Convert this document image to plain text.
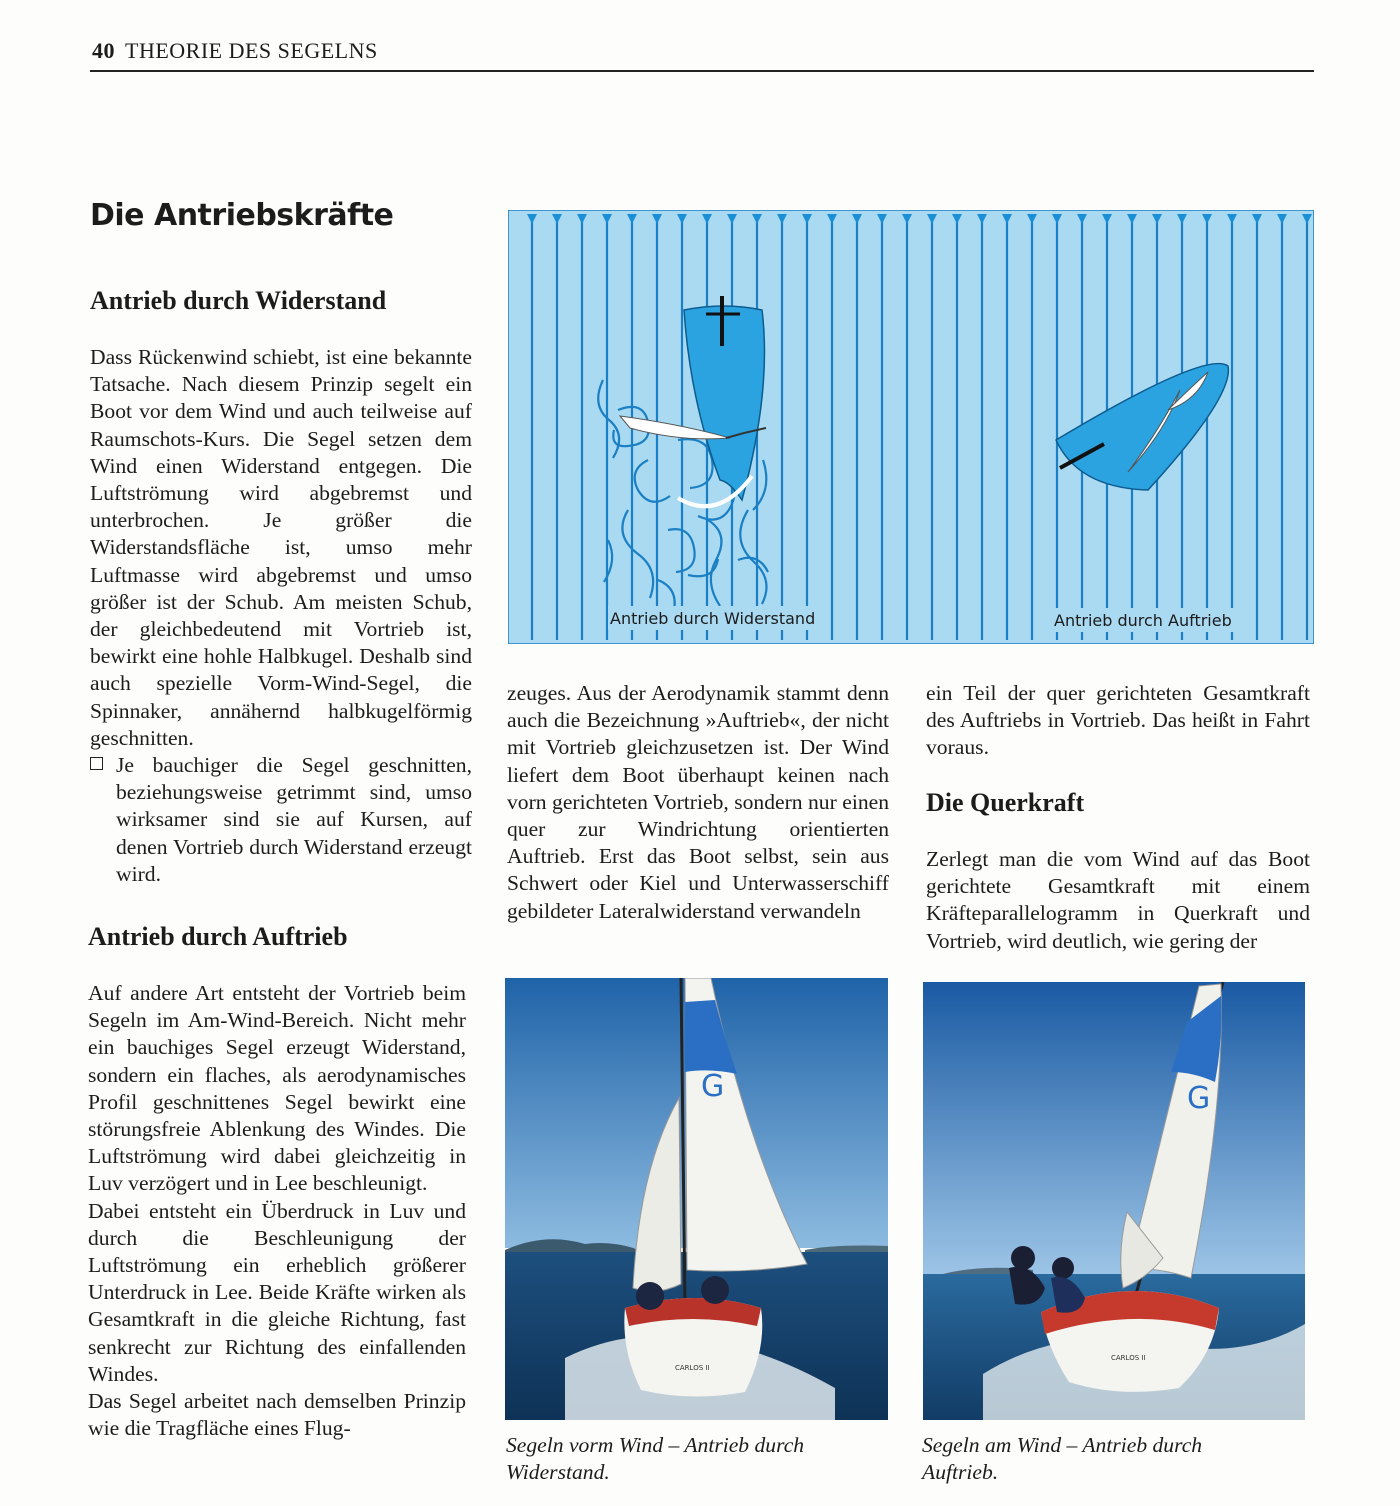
40 THEORIE DES SEGELNS
Die Antriebskräfte
Antrieb durch Widerstand

Dass Rückenwind schiebt, ist eine bekannte Tatsache. Nach diesem Prinzip segelt ein Boot vor dem Wind und auch teilweise auf Raumschots-Kurs. Die Segel setzen dem Wind einen Widerstand entgegen. Die Luftströmung wird abgebremst und unterbrochen. Je größer die Widerstandsfläche ist, umso mehr Luftmasse wird abgebremst und umso größer ist der Schub. Am meisten Schub, der gleichbedeutend mit Vortrieb ist, bewirkt eine hohle Halbkugel. Deshalb sind auch spezielle Vorm-Wind-Segel, die Spinnaker, annähernd halbkugelförmig geschnitten.

Je bauchiger die Segel geschnitten, beziehungsweise getrimmt sind, umso wirksamer sind sie auf Kursen, auf denen Vortrieb durch Widerstand erzeugt wird.

Antrieb durch Auftrieb

Auf andere Art entsteht der Vortrieb beim Segeln im Am-Wind-Bereich. Nicht mehr ein bauchiges Segel erzeugt Widerstand, sondern ein flaches, als aerodynamisches Profil geschnittenes Segel bewirkt eine störungsfreie Ablenkung des Windes. Die Luftströmung wird dabei gleichzeitig in Luv verzögert und in Lee beschleunigt.

Dabei entsteht ein Überdruck in Luv und durch die Beschleunigung der Luftströmung ein erheblich größerer Unterdruck in Lee. Beide Kräfte wirken als Gesamtkraft in die gleiche Richtung, fast senkrecht zur Richtung des einfallenden Windes.

Das Segel arbeitet nach demselben Prinzip wie die Tragfläche eines Flug-

Antrieb durch Widerstand	Antrieb durch Auftrieb

zeuges. Aus der Aerodynamik stammt denn auch die Bezeichnung »Auftrieb«, der nicht mit Vortrieb gleichzusetzen ist. Der Wind liefert dem Boot überhaupt keinen nach vorn gerichteten Vortrieb, sondern nur einen quer zur Windrichtung orientierten Auftrieb. Erst das Boot selbst, sein aus Schwert oder Kiel und Unterwasserschiff gebildeter Lateralwiderstand verwandeln

ein Teil der quer gerichteten Gesamtkraft des Auftriebs in Vortrieb. Das heißt in Fahrt voraus.

Die Querkraft

Zerlegt man die vom Wind auf das Boot gerichtete Gesamtkraft mit einem Kräfteparallelogramm in Querkraft und Vortrieb, wird deutlich, wie gering der

G
CARLOS II
Segeln vorm Wind – Antrieb durch Widerstand.
G
CARLOS II
Segeln am Wind – Antrieb durch Auftrieb.
